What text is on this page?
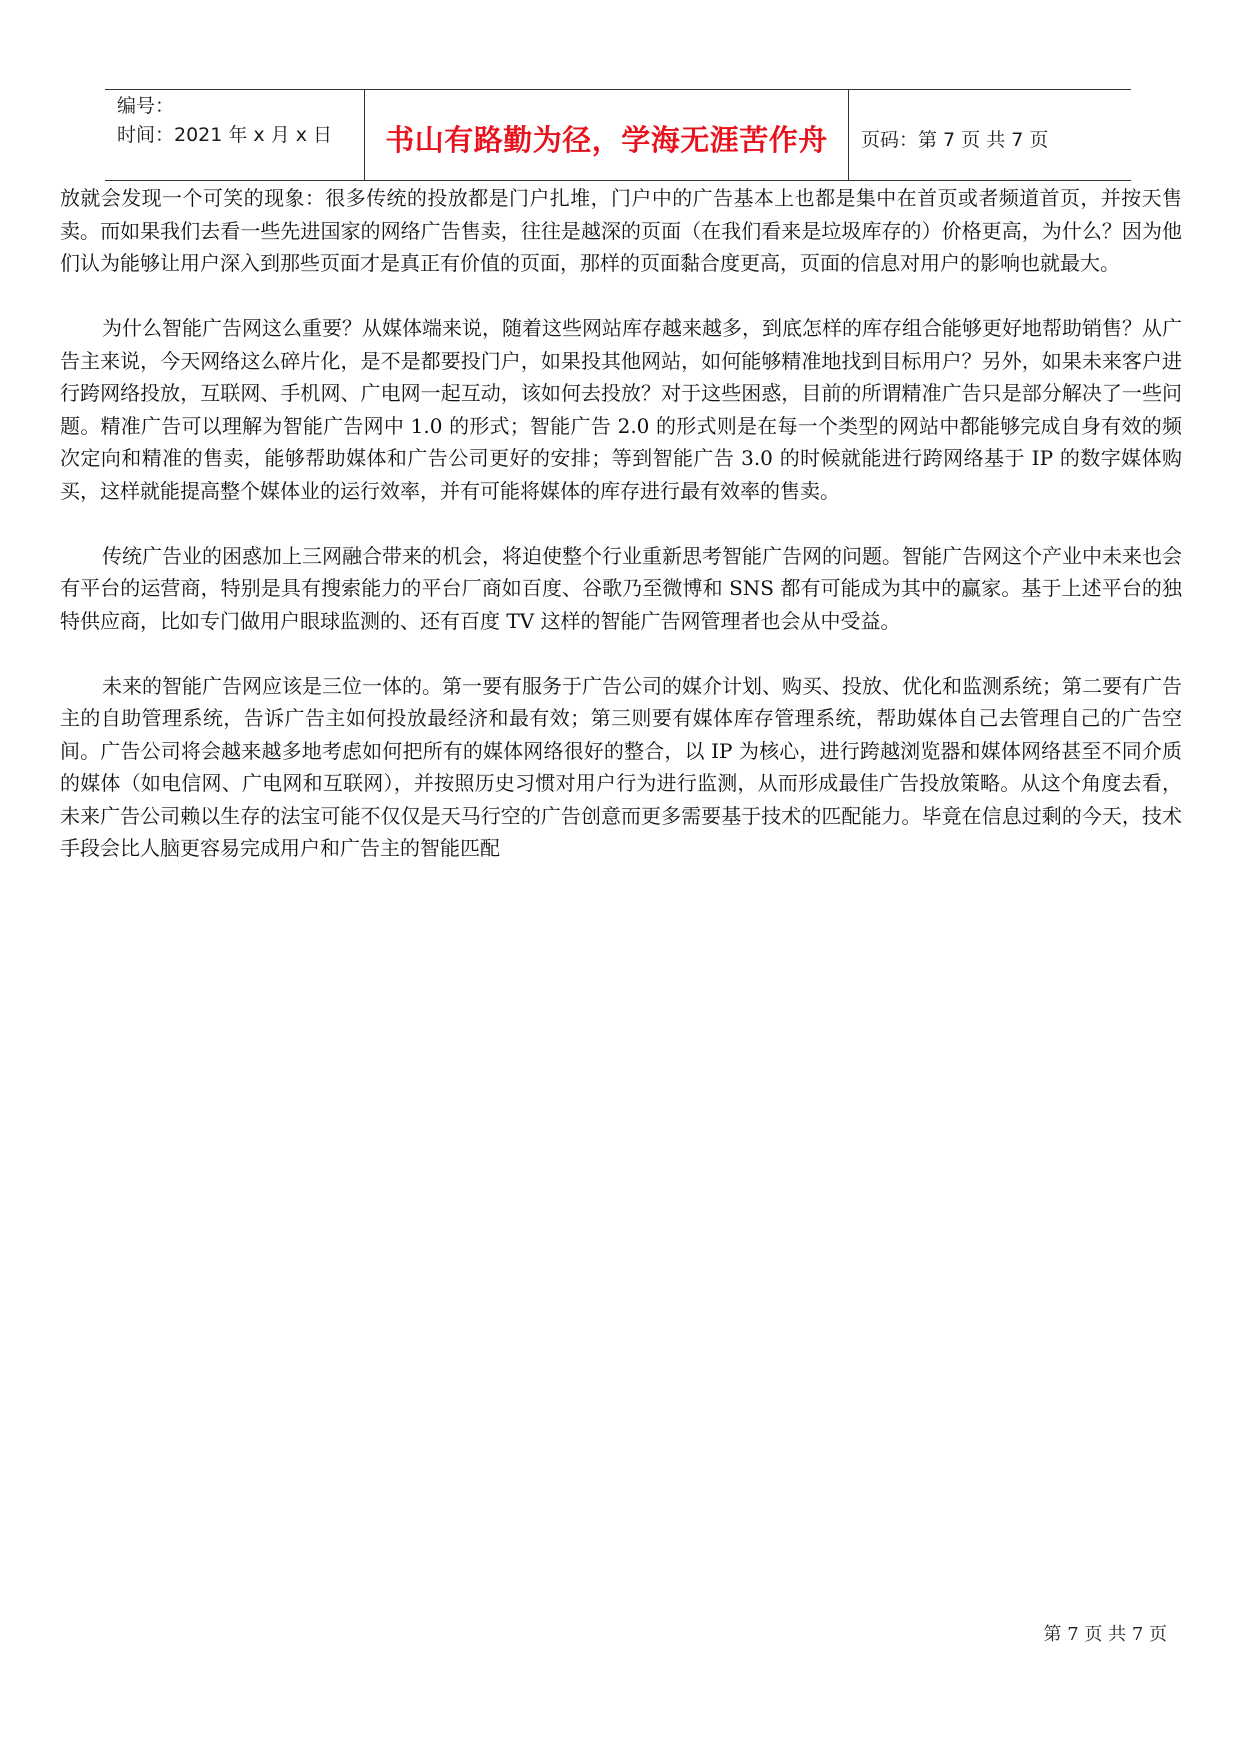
编号：
时间：2021 年 x 月 x 日	书山有路勤为径，学海无涯苦作舟	页码：第 7 页 共 7 页

放就会发现一个可笑的现象：很多传统的投放都是门户扎堆，门户中的广告基本上也都是集中在首页或者频道首页，并按天售卖。而如果我们去看一些先进国家的网络广告售卖，往往是越深的页面（在我们看来是垃圾库存的）价格更高，为什么？因为他们认为能够让用户深入到那些页面才是真正有价值的页面，那样的页面黏合度更高，页面的信息对用户的影响也就最大。

为什么智能广告网这么重要？从媒体端来说，随着这些网站库存越来越多，到底怎样的库存组合能够更好地帮助销售？从广告主来说，今天网络这么碎片化，是不是都要投门户，如果投其他网站，如何能够精准地找到目标用户？另外，如果未来客户进行跨网络投放，互联网、手机网、广电网一起互动，该如何去投放？对于这些困惑，目前的所谓精准广告只是部分解决了一些问题。精准广告可以理解为智能广告网中 1.0 的形式；智能广告 2.0 的形式则是在每一个类型的网站中都能够完成自身有效的频次定向和精准的售卖，能够帮助媒体和广告公司更好的安排；等到智能广告 3.0 的时候就能进行跨网络基于 IP 的数字媒体购买，这样就能提高整个媒体业的运行效率，并有可能将媒体的库存进行最有效率的售卖。

传统广告业的困惑加上三网融合带来的机会，将迫使整个行业重新思考智能广告网的问题。智能广告网这个产业中未来也会有平台的运营商，特别是具有搜索能力的平台厂商如百度、谷歌乃至微博和 SNS 都有可能成为其中的赢家。基于上述平台的独特供应商，比如专门做用户眼球监测的、还有百度 TV 这样的智能广告网管理者也会从中受益。

未来的智能广告网应该是三位一体的。第一要有服务于广告公司的媒介计划、购买、投放、优化和监测系统；第二要有广告主的自助管理系统，告诉广告主如何投放最经济和最有效；第三则要有媒体库存管理系统，帮助媒体自己去管理自己的广告空间。广告公司将会越来越多地考虑如何把所有的媒体网络很好的整合，以 IP 为核心，进行跨越浏览器和媒体网络甚至不同介质的媒体（如电信网、广电网和互联网），并按照历史习惯对用户行为进行监测，从而形成最佳广告投放策略。从这个角度去看，未来广告公司赖以生存的法宝可能不仅仅是天马行空的广告创意而更多需要基于技术的匹配能力。毕竟在信息过剩的今天，技术手段会比人脑更容易完成用户和广告主的智能匹配

第 7 页 共 7 页
